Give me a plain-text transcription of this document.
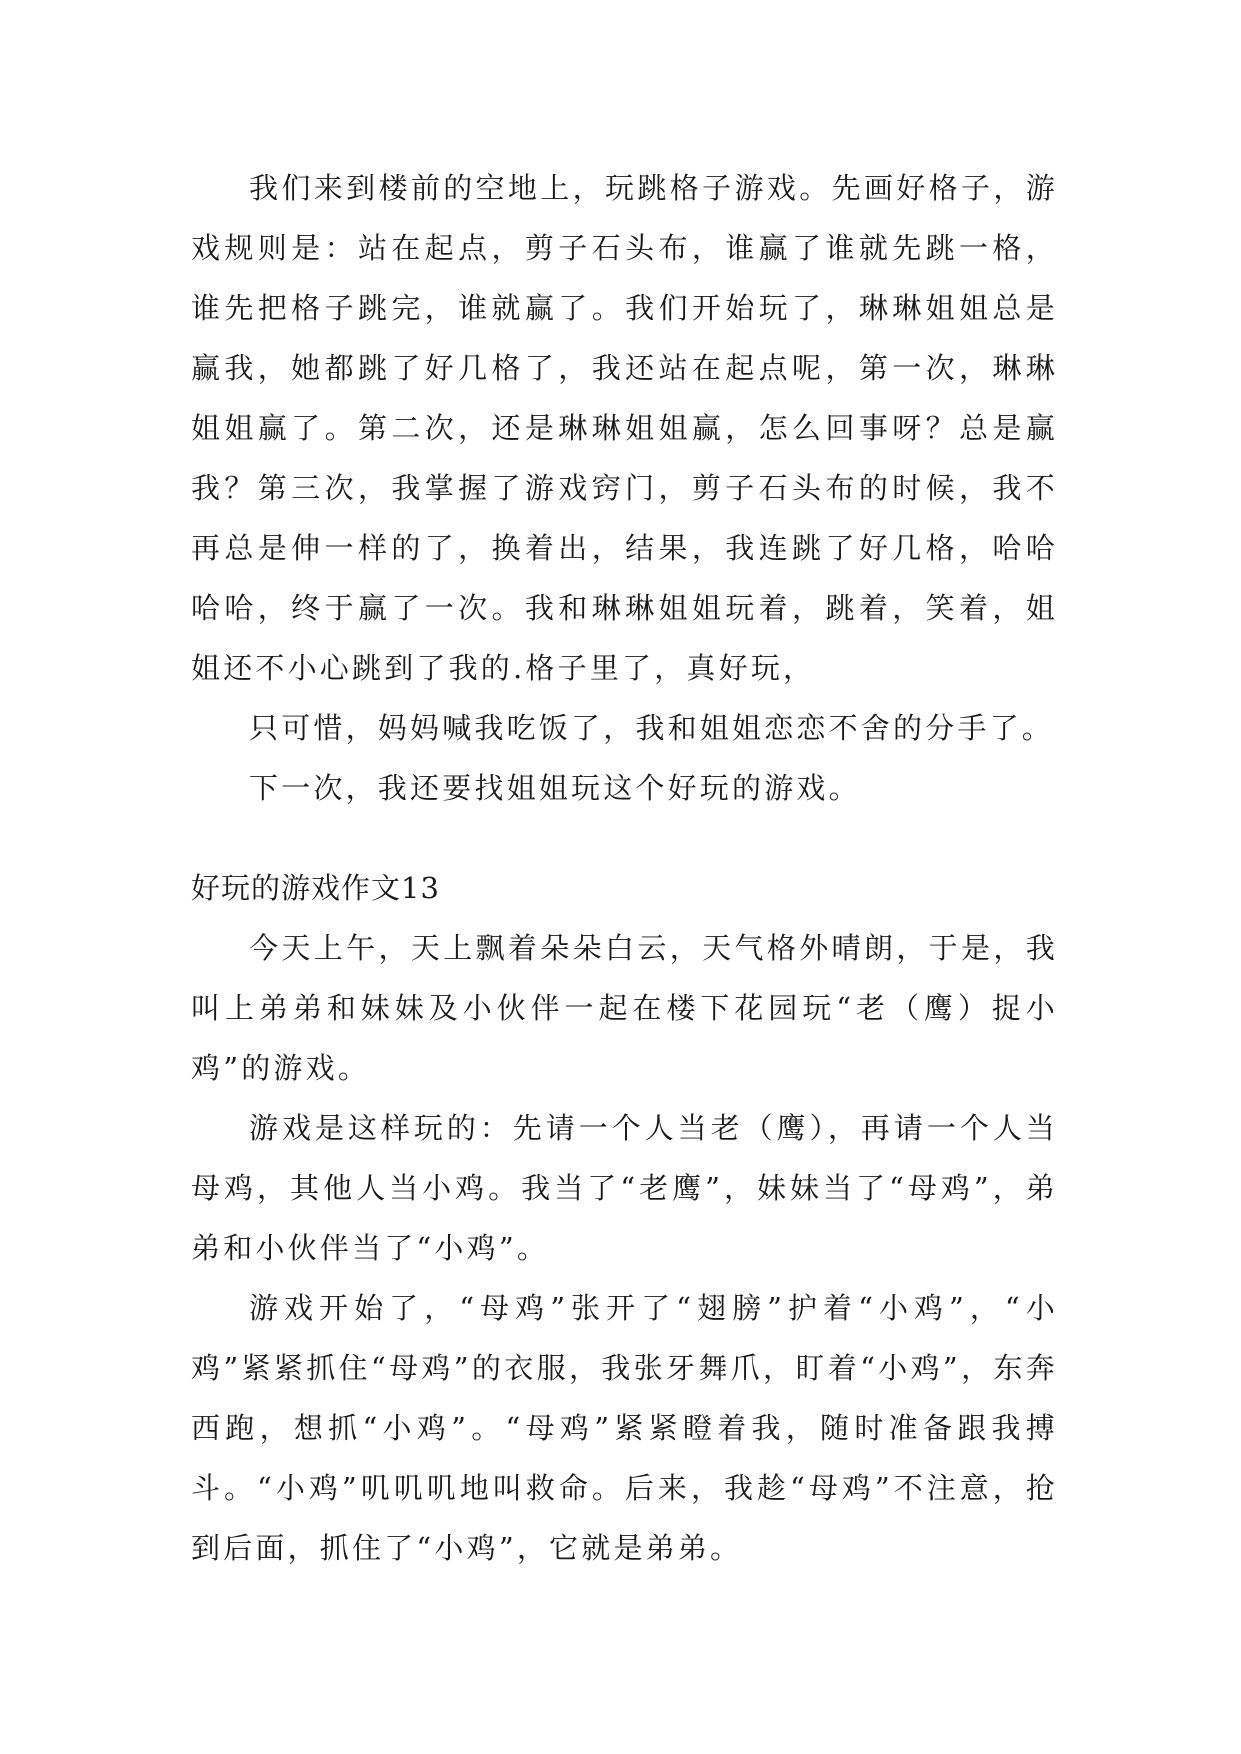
我们来到楼前的空地上，玩跳格子游戏。先画好格子，游戏规则是：站在起点，剪子石头布，谁赢了谁就先跳一格，谁先把格子跳完，谁就赢了。我们开始玩了，琳琳姐姐总是赢我，她都跳了好几格了，我还站在起点呢，第一次，琳琳姐姐赢了。第二次，还是琳琳姐姐赢，怎么回事呀？总是赢我？第三次，我掌握了游戏窍门，剪子石头布的时候，我不再总是伸一样的了，换着出，结果，我连跳了好几格，哈哈哈哈，终于赢了一次。我和琳琳姐姐玩着，跳着，笑着，姐姐还不小心跳到了我的.格子里了，真好玩，

只可惜，妈妈喊我吃饭了，我和姐姐恋恋不舍的分手了。

下一次，我还要找姐姐玩这个好玩的游戏。

好玩的游戏作文13

今天上午，天上飘着朵朵白云，天气格外晴朗，于是，我叫上弟弟和妹妹及小伙伴一起在楼下花园玩“老（鹰）捉小鸡”的游戏。

游戏是这样玩的：先请一个人当老（鹰），再请一个人当母鸡，其他人当小鸡。我当了“老鹰”，妹妹当了“母鸡”，弟弟和小伙伴当了“小鸡”。

游戏开始了，“母鸡”张开了“翅膀”护着“小鸡”，“小鸡”紧紧抓住“母鸡”的衣服，我张牙舞爪，盯着“小鸡”，东奔西跑，想抓“小鸡”。“母鸡”紧紧瞪着我，随时准备跟我搏斗。“小鸡”叽叽叽地叫救命。后来，我趁“母鸡”不注意，抢到后面，抓住了“小鸡”，它就是弟弟。
